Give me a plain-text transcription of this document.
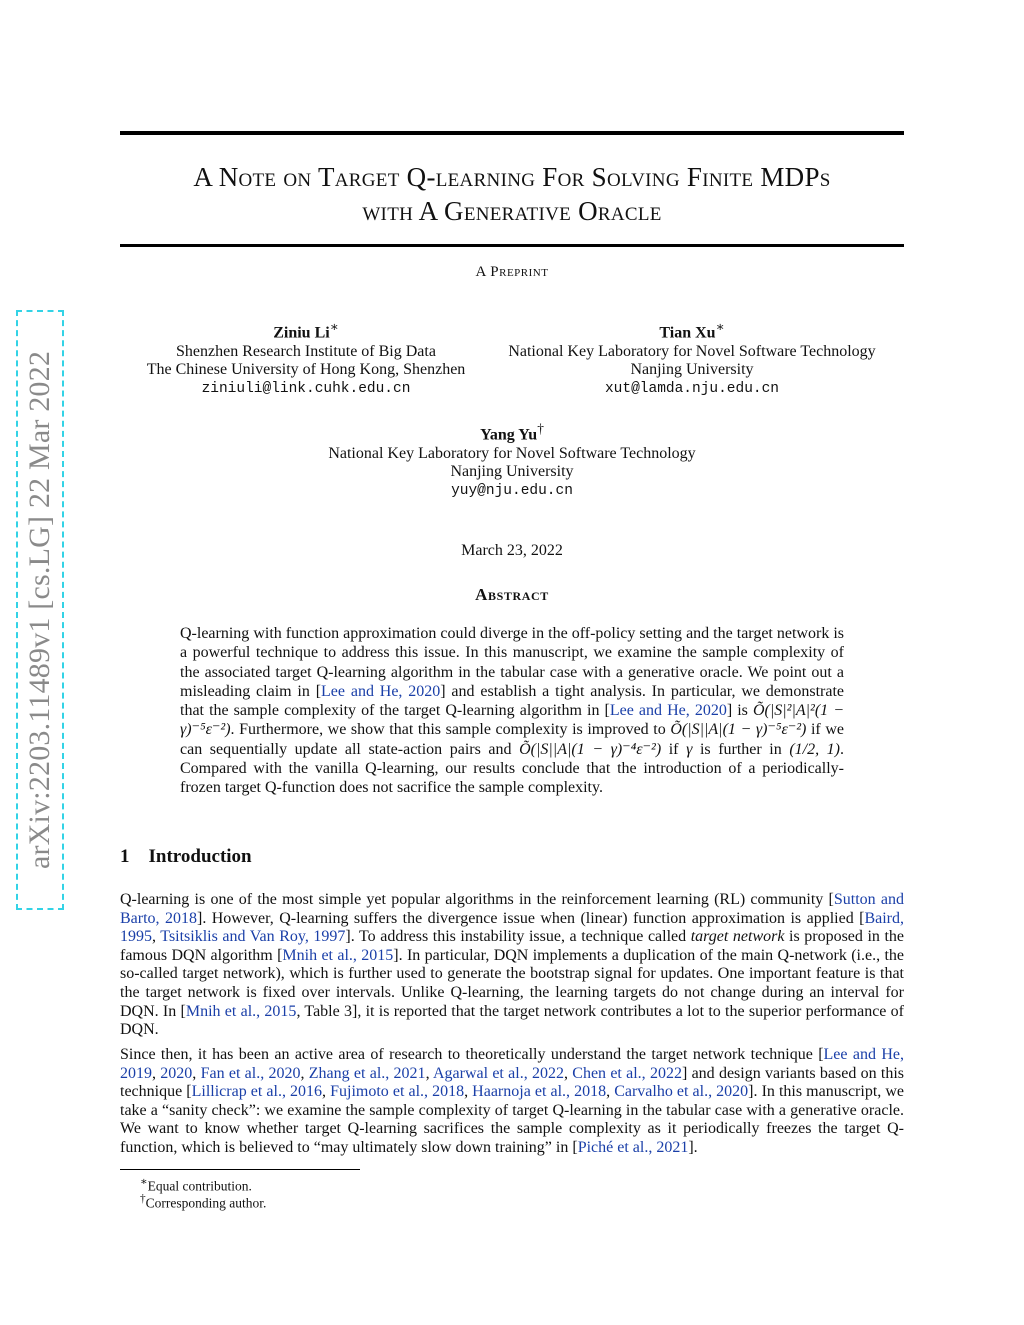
arXiv:2203.11489v1 [cs.LG] 22 Mar 2022
A Note on Target Q-learning For Solving Finite MDPs
with A Generative Oracle
A Preprint
Ziniu Li∗
Shenzhen Research Institute of Big Data
The Chinese University of Hong Kong, Shenzhen
ziniuli@link.cuhk.edu.cn
Tian Xu∗
National Key Laboratory for Novel Software Technology
Nanjing University
xut@lamda.nju.edu.cn
Yang Yu†
National Key Laboratory for Novel Software Technology
Nanjing University
yuy@nju.edu.cn
March 23, 2022
Abstract
Q-learning with function approximation could diverge in the off-policy setting and the target network is a powerful technique to address this issue. In this manuscript, we examine the sample complexity of the associated target Q-learning algorithm in the tabular case with a generative oracle. We point out a misleading claim in [Lee and He, 2020] and establish a tight analysis. In particular, we demonstrate that the sample complexity of the target Q-learning algorithm in [Lee and He, 2020] is Õ(|S|²|A|²(1 − γ)⁻⁵ε⁻²). Furthermore, we show that this sample complexity is improved to Õ(|S||A|(1 − γ)⁻⁵ε⁻²) if we can sequentially update all state-action pairs and Õ(|S||A|(1 − γ)⁻⁴ε⁻²) if γ is further in (1/2, 1). Compared with the vanilla Q-learning, our results conclude that the introduction of a periodically-frozen target Q-function does not sacrifice the sample complexity.
1 Introduction

Q-learning is one of the most simple yet popular algorithms in the reinforcement learning (RL) community [Sutton and Barto, 2018]. However, Q-learning suffers the divergence issue when (linear) function approximation is applied [Baird, 1995, Tsitsiklis and Van Roy, 1997]. To address this instability issue, a technique called target network is proposed in the famous DQN algorithm [Mnih et al., 2015]. In particular, DQN implements a duplication of the main Q-network (i.e., the so-called target network), which is further used to generate the bootstrap signal for updates. One important feature is that the target network is fixed over intervals. Unlike Q-learning, the learning targets do not change during an interval for DQN. In [Mnih et al., 2015, Table 3], it is reported that the target network contributes a lot to the superior performance of DQN.

Since then, it has been an active area of research to theoretically understand the target network technique [Lee and He, 2019, 2020, Fan et al., 2020, Zhang et al., 2021, Agarwal et al., 2022, Chen et al., 2022] and design variants based on this technique [Lillicrap et al., 2016, Fujimoto et al., 2018, Haarnoja et al., 2018, Carvalho et al., 2020]. In this manuscript, we take a “sanity check”: we examine the sample complexity of target Q-learning in the tabular case with a generative oracle. We want to know whether target Q-learning sacrifices the sample complexity as it periodically freezes the target Q-function, which is believed to “may ultimately slow down training” in [Piché et al., 2021].

∗Equal contribution.
†Corresponding author.
